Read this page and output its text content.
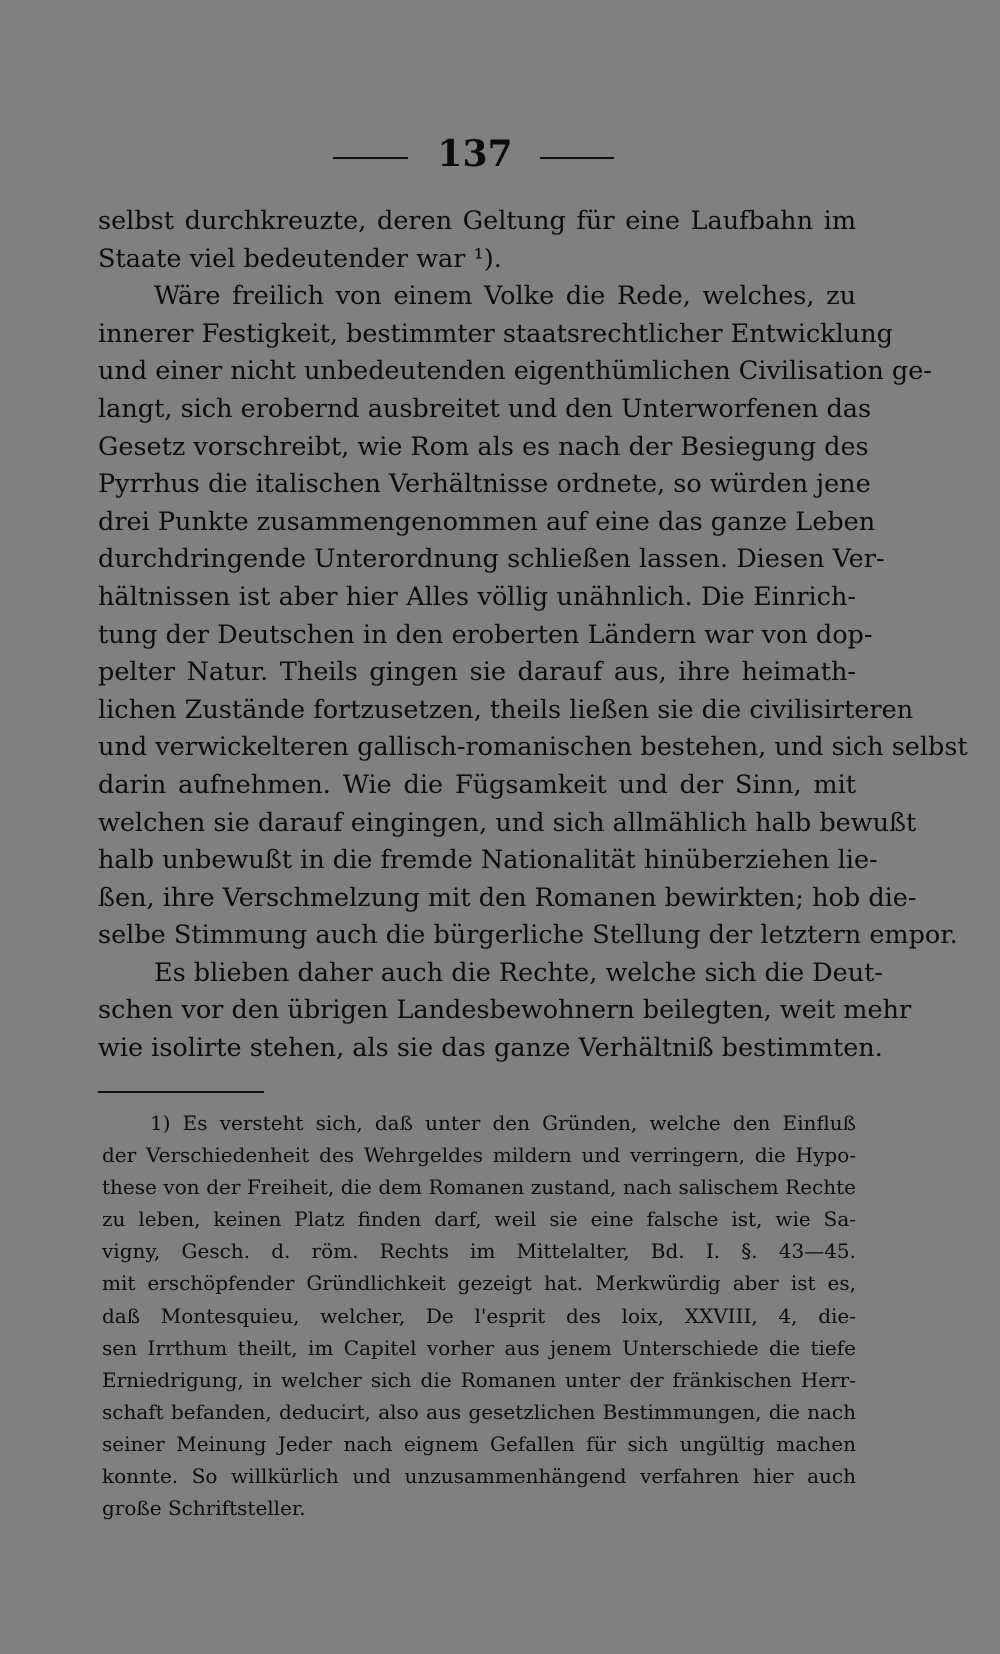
137
selbst durchkreuzte, deren Geltung für eine Laufbahn im
Staate viel bedeutender war ¹).
Wäre freilich von einem Volke die Rede, welches, zu
innerer Festigkeit, bestimmter staatsrechtlicher Entwicklung
und einer nicht unbedeutenden eigenthümlichen Civilisation ge-
langt, sich erobernd ausbreitet und den Unterworfenen das
Gesetz vorschreibt, wie Rom als es nach der Besiegung des
Pyrrhus die italischen Verhältnisse ordnete, so würden jene
drei Punkte zusammengenommen auf eine das ganze Leben
durchdringende Unterordnung schließen lassen. Diesen Ver-
hältnissen ist aber hier Alles völlig unähnlich. Die Einrich-
tung der Deutschen in den eroberten Ländern war von dop-
pelter Natur. Theils gingen sie darauf aus, ihre heimath-
lichen Zustände fortzusetzen, theils ließen sie die civilisirteren
und verwickelteren gallisch-romanischen bestehen, und sich selbst
darin aufnehmen. Wie die Fügsamkeit und der Sinn, mit
welchen sie darauf eingingen, und sich allmählich halb bewußt
halb unbewußt in die fremde Nationalität hinüberziehen lie-
ßen, ihre Verschmelzung mit den Romanen bewirkten; hob die-
selbe Stimmung auch die bürgerliche Stellung der letztern empor.
Es blieben daher auch die Rechte, welche sich die Deut-
schen vor den übrigen Landesbewohnern beilegten, weit mehr
wie isolirte stehen, als sie das ganze Verhältniß bestimmten.
1) Es versteht sich, daß unter den Gründen, welche den Einfluß
der Verschiedenheit des Wehrgeldes mildern und verringern, die Hypo-
these von der Freiheit, die dem Romanen zustand, nach salischem Rechte
zu leben, keinen Platz finden darf, weil sie eine falsche ist, wie Sa-
vigny, Gesch. d. röm. Rechts im Mittelalter, Bd. I. §. 43—45.
mit erschöpfender Gründlichkeit gezeigt hat. Merkwürdig aber ist es,
daß Montesquieu, welcher, De l'esprit des loix, XXVIII, 4, die-
sen Irrthum theilt, im Capitel vorher aus jenem Unterschiede die tiefe
Erniedrigung, in welcher sich die Romanen unter der fränkischen Herr-
schaft befanden, deducirt, also aus gesetzlichen Bestimmungen, die nach
seiner Meinung Jeder nach eignem Gefallen für sich ungültig machen
konnte. So willkürlich und unzusammenhängend verfahren hier auch
große Schriftsteller.
